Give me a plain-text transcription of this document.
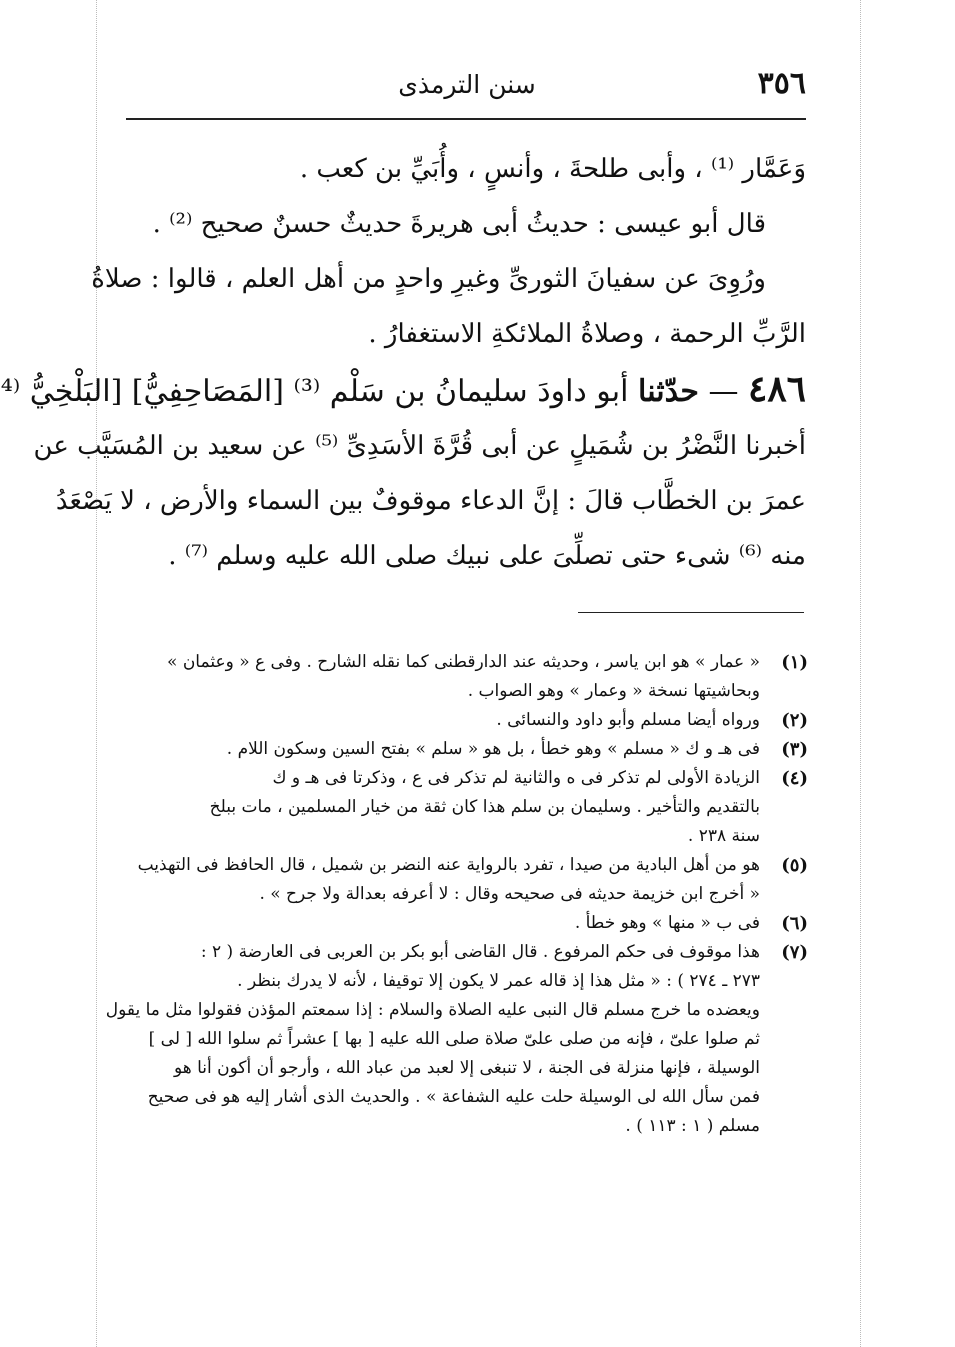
٣٥٦
سنن الترمذى
وَعَمَّار ⁽¹⁾ ، وأبى طلحةَ ، وأنسٍ ، وأُبَيِّ بن كعب .
قال أبو عيسى : حديثُ أبى هريرةَ حديثٌ حسنٌ صحيح ⁽²⁾ .
ورُوِىَ عن سفيانَ الثورىِّ وغيرِ واحدٍ من أهل العلم ، قالوا : صلاةُ
الرَّبِّ الرحمة ، وصلاةُ الملائكةِ الاستغفارُ .
٤٨٦ — حدّثنا أبو داودَ سليمانُ بن سَلْم ⁽³⁾ [المَصَاحِفِيُّ] [البَلْخِيُّ ⁽⁴
أخبرنا النَّضْرُ بن شُمَيلٍ عن أبى قُرَّةَ الأسَدِىِّ ⁽⁵⁾ عن سعيد بن المُسَيَّب عن
عمرَ بن الخطَّاب قالَ : إنَّ الدعاء موقوفٌ بين السماء والأرض ، لا يَصْعَدُ
منه ⁽⁶⁾ شىء حتى تصلِّىَ على نبيك صلى الله عليه وسلم ⁽⁷⁾ .
(١)
« عمار » هو ابن ياسر ، وحديثه عند الدارقطنى كما نقله الشارح . وفى ع « وعثمان »
وبحاشيتها نسخة « وعمار » وهو الصواب .
(٢)
ورواه أيضا مسلم وأبو داود والنسائى .
(٣)
فى هـ و ك « مسلم » وهو خطأ ، بل هو « سلم » بفتح السين وسكون اللام .
(٤)
الزيادة الأولى لم تذكر فى ه والثانية لم تذكر فى ع ، وذكرتا فى هـ و ك
بالتقديم والتأخير . وسليمان بن سلم هذا كان ثقة من خيار المسلمين ، مات ببلخ
سنة ٢٣٨ .
(٥)
هو من أهل البادية من صيدا ، تفرد بالرواية عنه النضر بن شميل ، قال الحافظ فى التهذيب
« أخرج ابن خزيمة حديثه فى صحيحه وقال : لا أعرفه بعدالة ولا جرح » .
(٦)
فى ب « منها » وهو خطأ .
(٧)
هذا موقوف فى حكم المرفوع . قال القاضى أبو بكر بن العربى فى العارضة ( ٢ :
٢٧٣ ـ ٢٧٤ ) : « مثل هذا إذ قاله عمر لا يكون إلا توقيفا ، لأنه لا يدرك بنظر .
ويعضده ما خرج مسلم قال النبى عليه الصلاة والسلام : إذا سمعتم المؤذن فقولوا مثل ما يقول
ثم صلوا علىّ ، فإنه من صلى علىّ صلاة صلى الله عليه [ بها ] عشراً ثم سلوا الله [ لى ]
الوسيلة ، فإنها منزلة فى الجنة ، لا تنبغى إلا لعبد من عباد الله ، وأرجو أن أكون أنا هو
فمن سأل الله لى الوسيلة حلت عليه الشفاعة » . والحديث الذى أشار إليه هو فى صحيح
مسلم ( ١ : ١١٣ ) .
